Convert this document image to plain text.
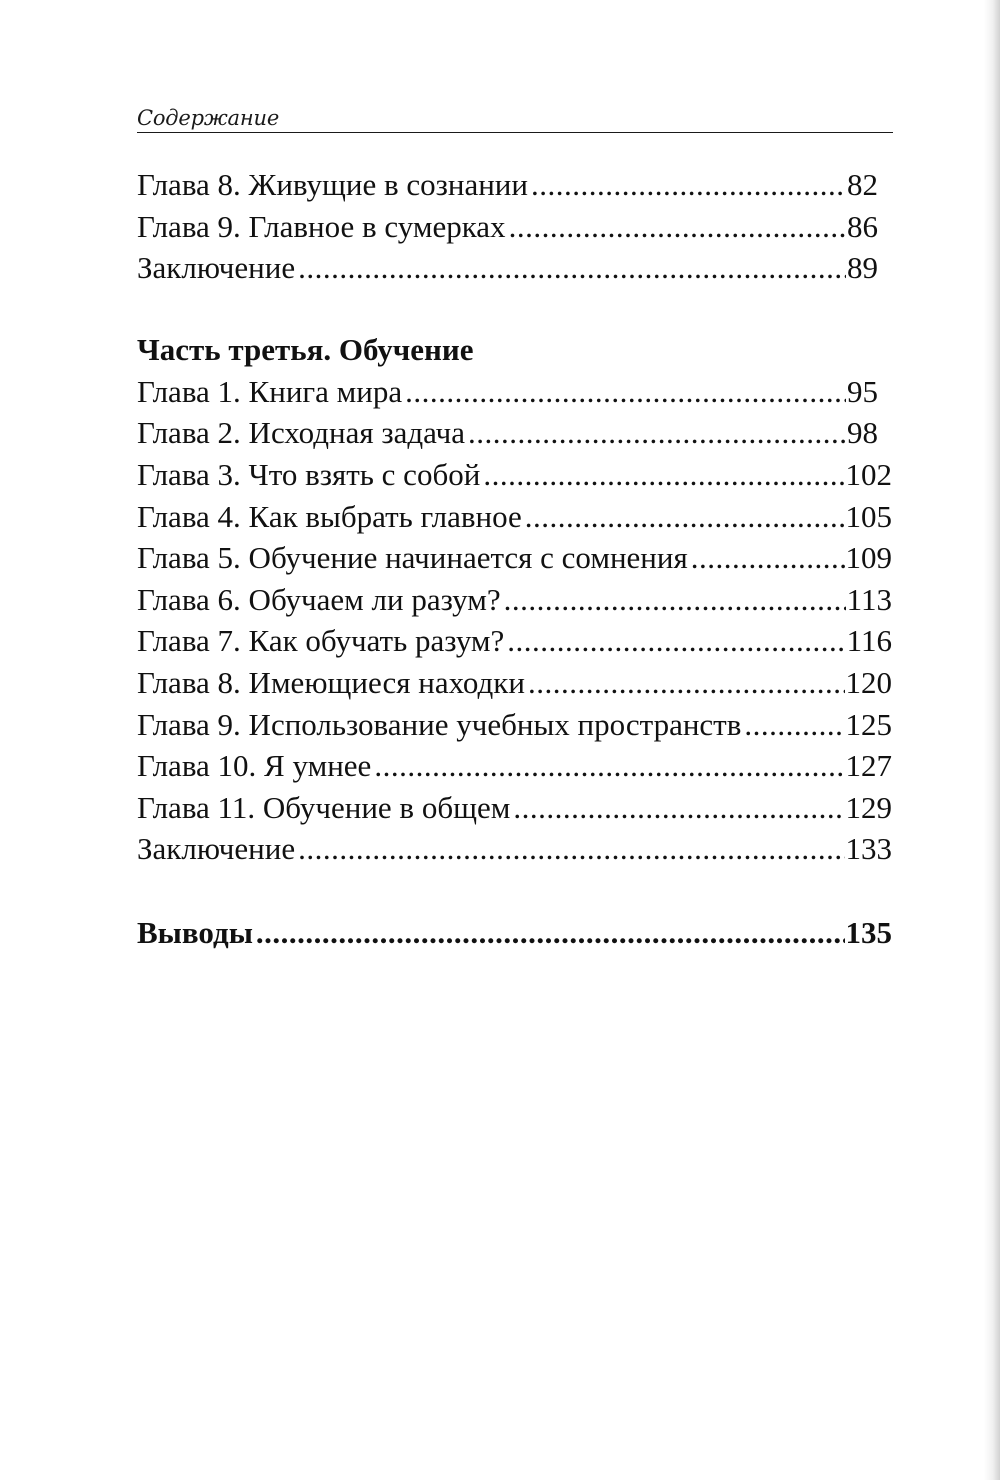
Содержание
Глава 8. Живущие в сознании .....	82
Глава 9. Главное в сумерках .....	86
Заключение .....	89
Часть третья. Обучение
Глава 1. Книга мира .....	95
Глава 2. Исходная задача .....	98
Глава 3. Что взять с собой .....	102
Глава 4. Как выбрать главное .....	105
Глава 5. Обучение начинается с сомнения .....	109
Глава 6. Обучаем ли разум? .....	113
Глава 7. Как обучать разум? .....	116
Глава 8. Имеющиеся находки .....	120
Глава 9. Использование учебных пространств .....	125
Глава 10. Я умнее .....	127
Глава 11. Обучение в общем .....	129
Заключение .....	133
Выводы .....	135
